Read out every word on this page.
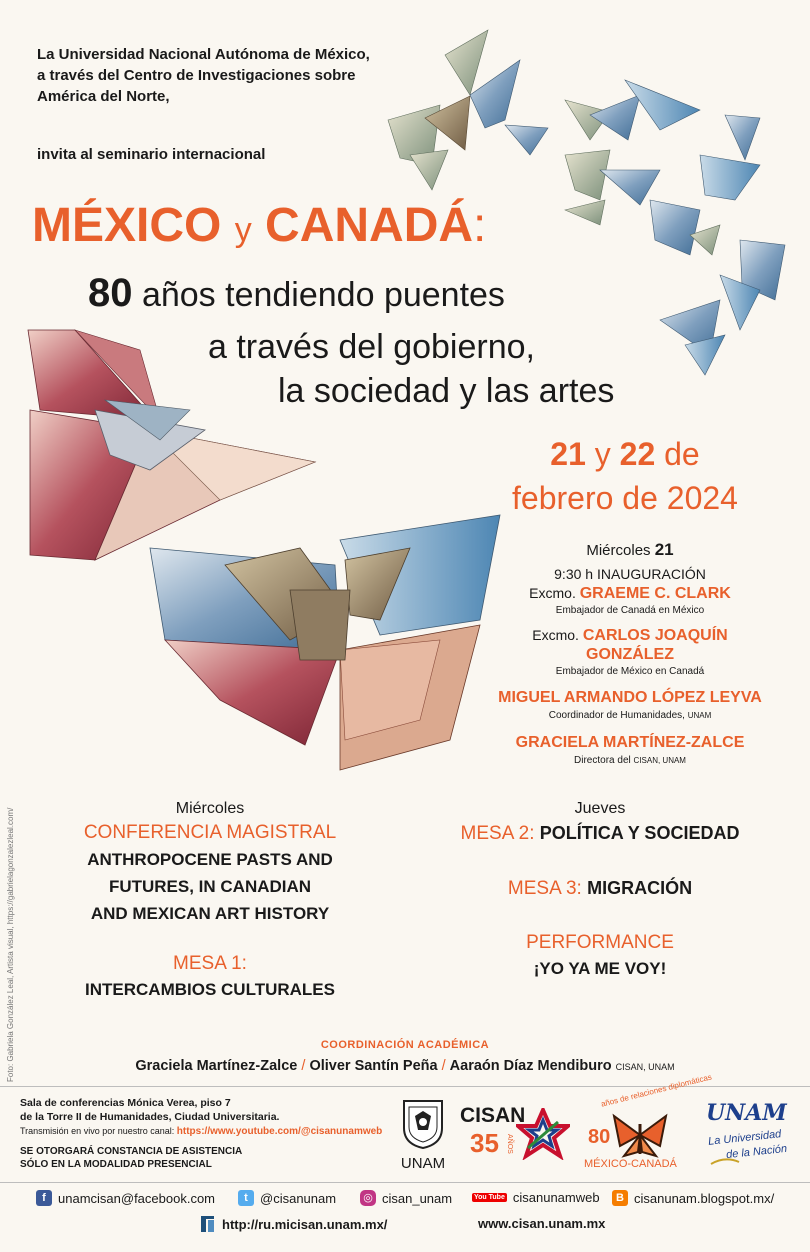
La Universidad Nacional Autónoma de México,
a través del Centro de Investigaciones sobre
América del Norte,
invita al seminario internacional
MÉXICO y CANADÁ:
80 años tendiendo puentes
a través del gobierno,
la sociedad y las artes
21 y 22 de
febrero de 2024
Miércoles 21
9:30 h INAUGURACIÓN
Excmo. GRAEME C. CLARK
Embajador de Canadá en México
Excmo. CARLOS JOAQUÍN
GONZÁLEZ
Embajador de México en Canadá
MIGUEL ARMANDO LÓPEZ LEYVA
Coordinador de Humanidades, UNAM
GRACIELA MARTÍNEZ-ZALCE
Directora del CISAN, UNAM
Foto: Gabriela González Leal, Artista visual, https://gabrielagonzalezleal.com/	Miércoles
CONFERENCIA MAGISTRAL
ANTHROPOCENE PASTS AND
FUTURES, IN CANADIAN
AND MEXICAN ART HISTORY
MESA 1:
INTERCAMBIOS CULTURALES
Jueves
MESA 2: POLÍTICA Y SOCIEDAD
MESA 3: MIGRACIÓN
PERFORMANCE
¡YO YA ME VOY!
COORDINACIÓN ACADÉMICA
Graciela Martínez-Zalce / Oliver Santín Peña / Aaraón Díaz Mendiburo CISAN, UNAM
Sala de conferencias Mónica Verea, piso 7
de la Torre II de Humanidades, Ciudad Universitaria.
Transmisión en vivo por nuestro canal: https://www.youtube.com/@cisanunamweb
SE OTORGARÁ CONSTANCIA DE ASISTENCIA
SÓLO EN LA MODALIDAD PRESENCIAL	UNAM
CISAN
35 AÑOS
años de relaciones diplomáticas
80
MÉXICO-CANADÁ
UNAM
La Universidad
de la Nación
f unamcisan@facebook.com	t @cisanunam ◎ cisan_unam	You Tube cisanunamweb	B cisanunam.blogspot.mx/
http://ru.micisan.unam.mx/	www.cisan.unam.mx
